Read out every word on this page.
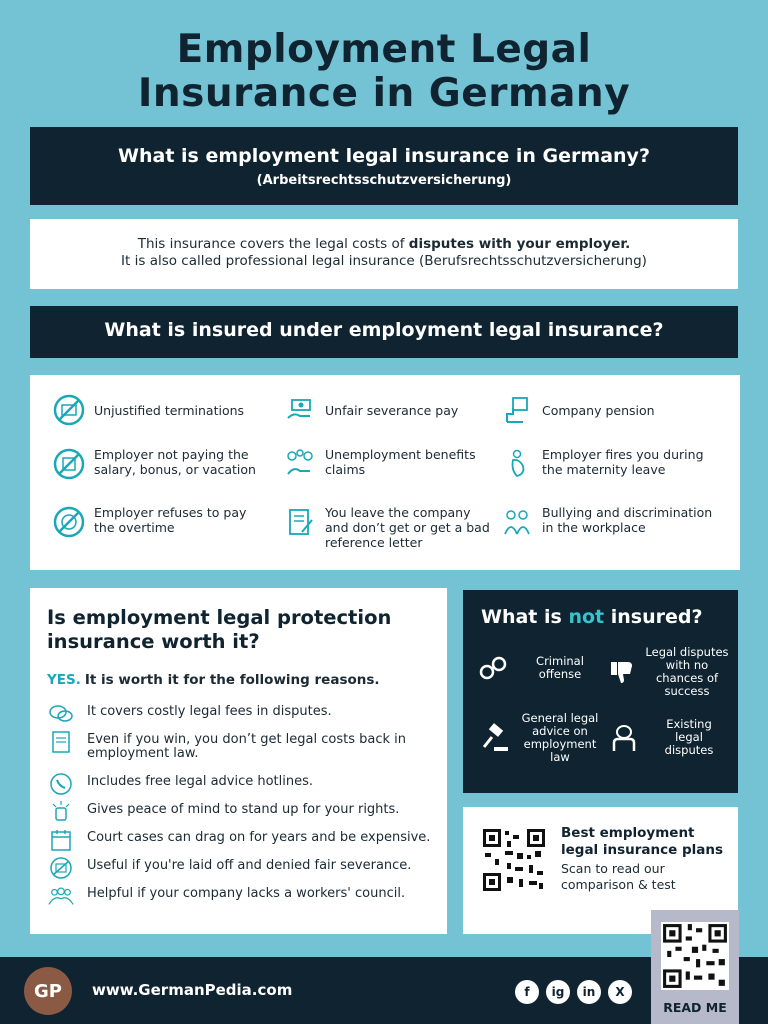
Employment Legal
Insurance in Germany
What is employment legal insurance in Germany?
(Arbeitsrechtsschutzversicherung)
This insurance covers the legal costs of disputes with your employer.
It is also called professional legal insurance (Berufsrechtsschutzversicherung)
What is insured under employment legal insurance?
Unjustified terminations
Employer not paying the salary, bonus, or vacation
Employer refuses to pay the overtime
Unfair severance pay
Unemployment benefits claims
You leave the company and don’t get or get a bad reference letter
Company pension
Employer fires you during the maternity leave
Bullying and discrimination in the workplace
Is employment legal protection insurance worth it?
YES. It is worth it for the following reasons.
It covers costly legal fees in disputes.
Even if you win, you don’t get legal costs back in employment law.
Includes free legal advice hotlines.
Gives peace of mind to stand up for your rights.
Court cases can drag on for years and be expensive.
Useful if you're laid off and denied fair severance.
Helpful if your company lacks a workers' council.
What is not insured?
Criminal offense
Legal disputes with no chances of success
General legal advice on employment law
Existing legal disputes
Best employment legal insurance plans
Scan to read our comparison & test
GP	www.GermanPedia.com	f	ig	in	X
READ ME
